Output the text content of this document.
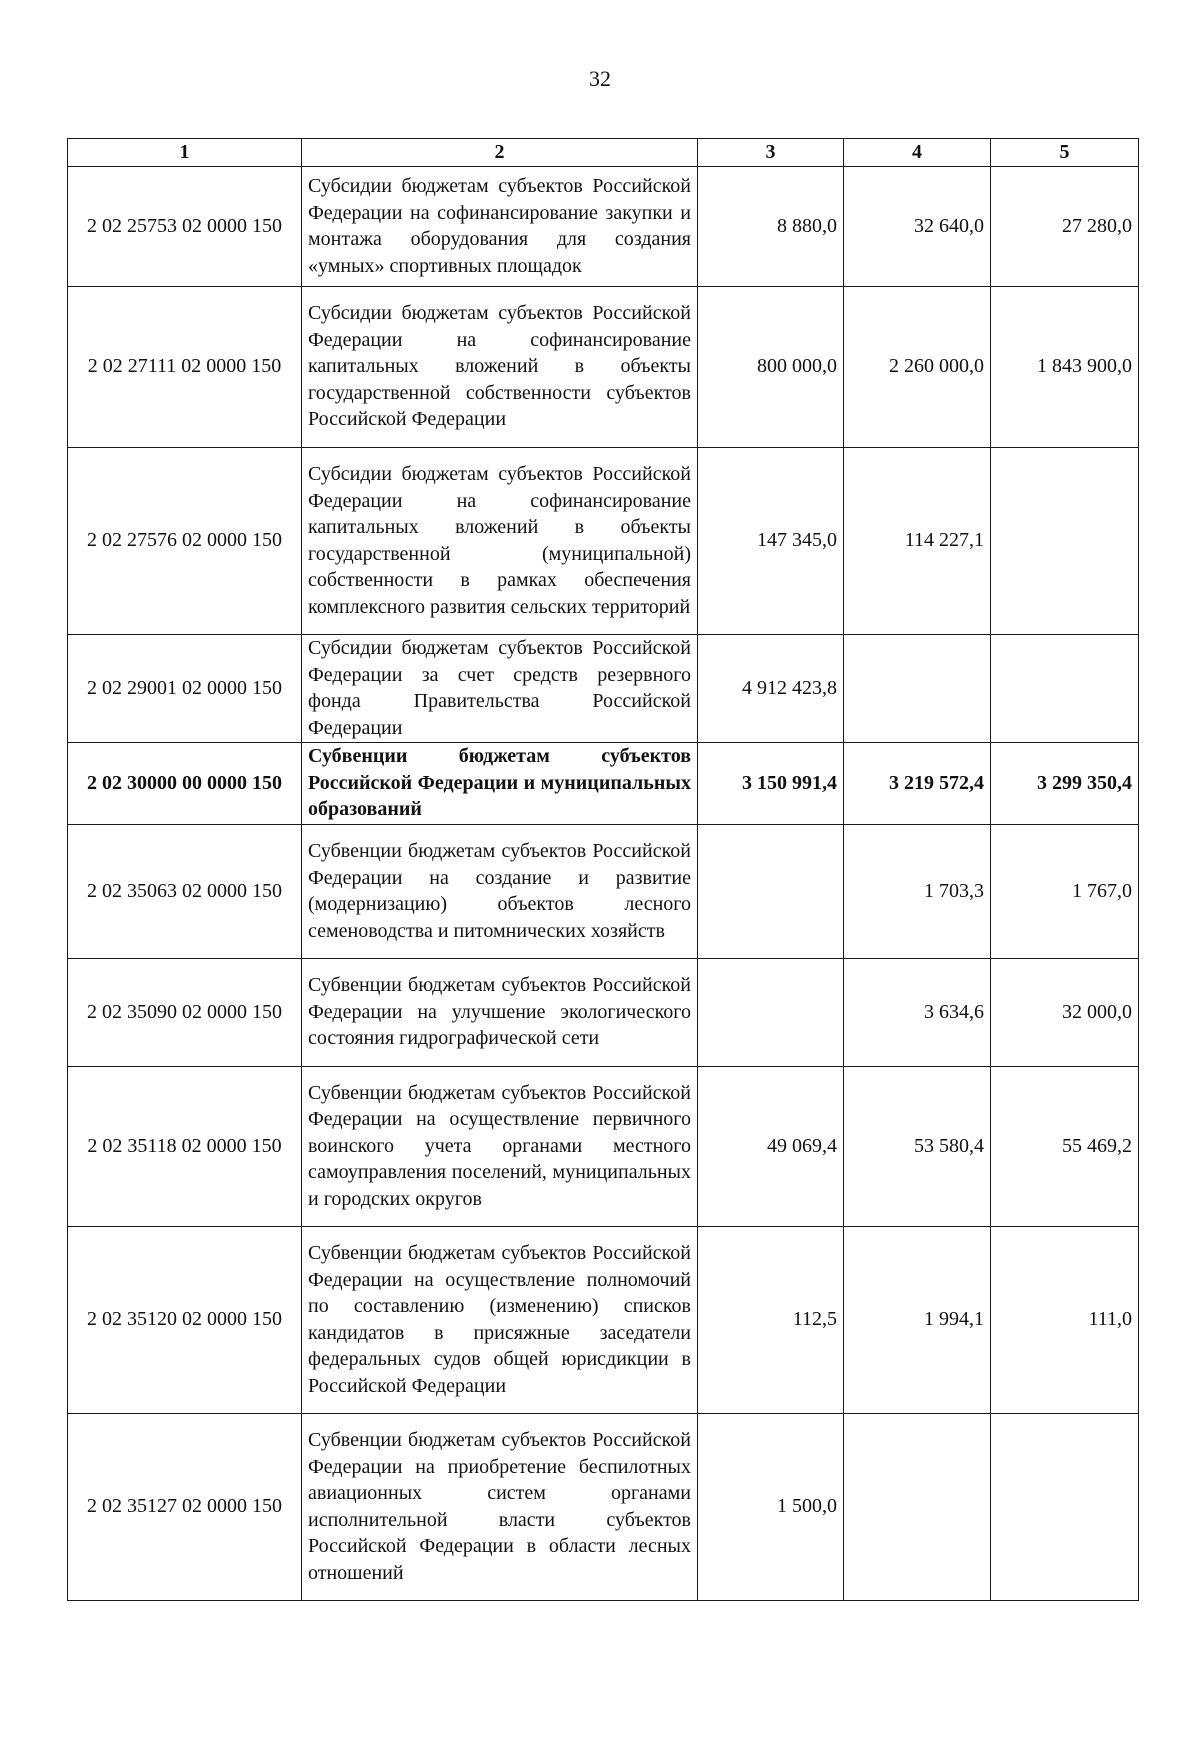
32
1	2	3	4	5
2 02 25753 02 0000 150	Субсидии бюджетам субъектов Российской Федерации на софинансирование закупки и монтажа оборудования для создания «умных» спортивных площадок	8 880,0	32 640,0	27 280,0
2 02 27111 02 0000 150	Субсидии бюджетам субъектов Российской Федерации на софинансирование капитальных вложений в объекты государственной собственности субъектов Российской Федерации	800 000,0	2 260 000,0	1 843 900,0
2 02 27576 02 0000 150	Субсидии бюджетам субъектов Российской Федерации на софинансирование капитальных вложений в объекты государственной (муниципальной) собственности в рамках обеспечения комплексного развития сельских территорий	147 345,0	114 227,1	
2 02 29001 02 0000 150	Субсидии бюджетам субъектов Российской Федерации за счет средств резервного фонда Правительства Российской Федерации	4 912 423,8		
2 02 30000 00 0000 150	Субвенции бюджетам субъектов Российской Федерации и муниципальных образований	3 150 991,4	3 219 572,4	3 299 350,4
2 02 35063 02 0000 150	Субвенции бюджетам субъектов Российской Федерации на создание и развитие (модернизацию) объектов лесного семеноводства и питомнических хозяйств		1 703,3	1 767,0
2 02 35090 02 0000 150	Субвенции бюджетам субъектов Российской Федерации на улучшение экологического состояния гидрографической сети		3 634,6	32 000,0
2 02 35118 02 0000 150	Субвенции бюджетам субъектов Российской Федерации на осуществление первичного воинского учета органами местного самоуправления поселений, муниципальных и городских округов	49 069,4	53 580,4	55 469,2
2 02 35120 02 0000 150	Субвенции бюджетам субъектов Российской Федерации на осуществление полномочий по составлению (изменению) списков кандидатов в присяжные заседатели федеральных судов общей юрисдикции в Российской Федерации	112,5	1 994,1	111,0
2 02 35127 02 0000 150	Субвенции бюджетам субъектов Российской Федерации на приобретение беспилотных авиационных систем органами исполнительной власти субъектов Российской Федерации в области лесных отношений	1 500,0		
